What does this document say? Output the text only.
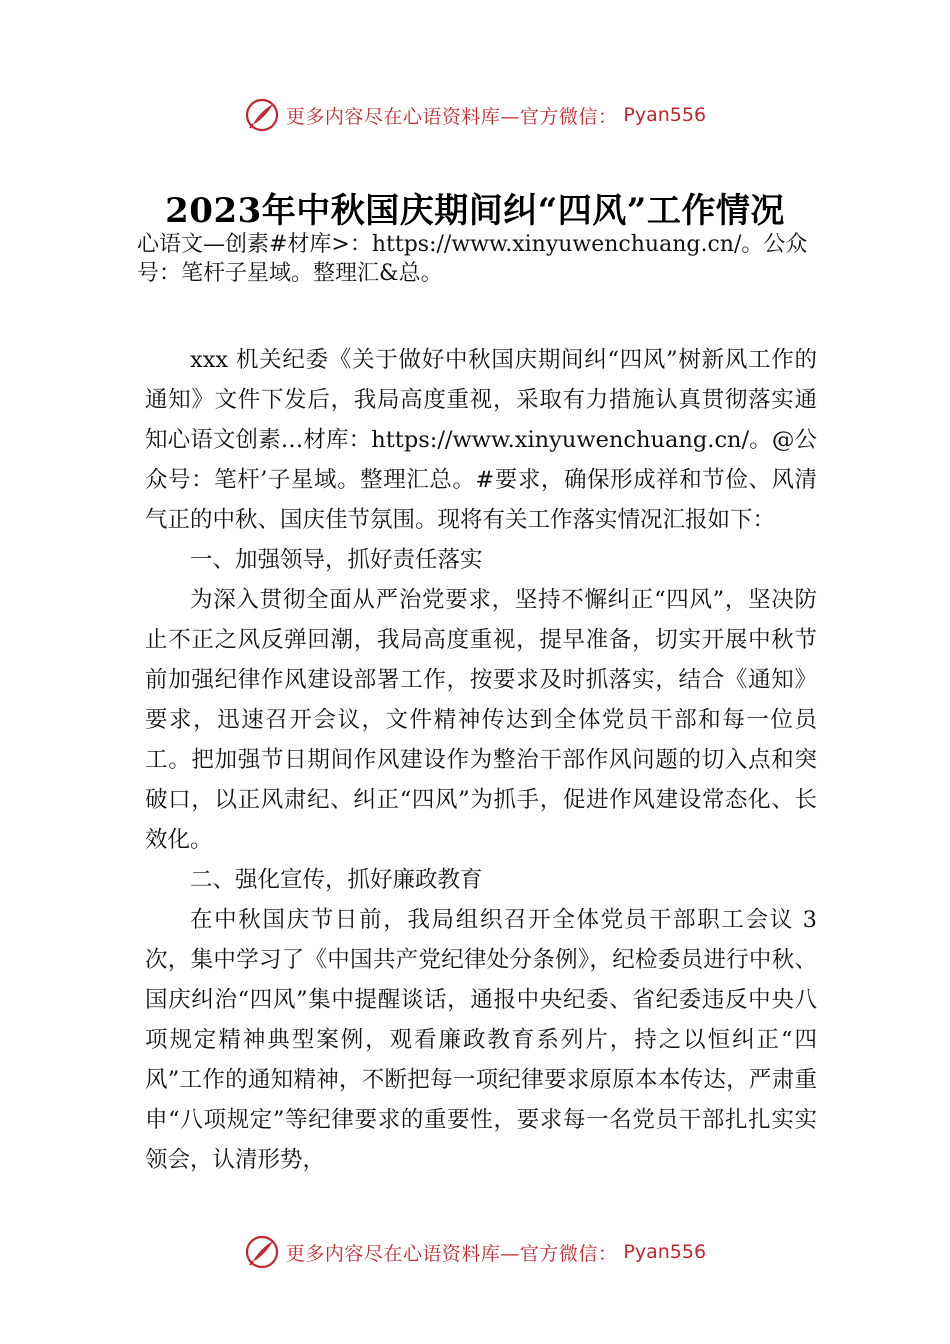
更多内容尽在心语资料库—官方微信： Pyan556
2023年中秋国庆期间纠“四风”工作情况

心语文—创素#材库>：https://www.xinyuwenchuang.cn/。公众号：笔杆子星域。整理汇&总。

xxx 机关纪委《关于做好中秋国庆期间纠“四风”树新风工作的通知》文件下发后，我局高度重视，采取有力措施认真贯彻落实通知心语文创素…材库：https://www.xinyuwenchuang.cn/。@公众号：笔杆’子星域。整理汇总。#要求，确保形成祥和节俭、风清气正的中秋、国庆佳节氛围。现将有关工作落实情况汇报如下：

一、加强领导，抓好责任落实

为深入贯彻全面从严治党要求，坚持不懈纠正“四风”，坚决防止不正之风反弹回潮，我局高度重视，提早准备，切实开展中秋节前加强纪律作风建设部署工作，按要求及时抓落实，结合《通知》要求，迅速召开会议，文件精神传达到全体党员干部和每一位员工。把加强节日期间作风建设作为整治干部作风问题的切入点和突破口，以正风肃纪、纠正“四风”为抓手，促进作风建设常态化、长效化。

二、强化宣传，抓好廉政教育

在中秋国庆节日前，我局组织召开全体党员干部职工会议 3 次，集中学习了《中国共产党纪律处分条例》，纪检委员进行中秋、国庆纠治“四风”集中提醒谈话，通报中央纪委、省纪委违反中央八项规定精神典型案例，观看廉政教育系列片，持之以恒纠正“四风”工作的通知精神，不断把每一项纪律要求原原本本传达，严肃重申“八项规定”等纪律要求的重要性，要求每一名党员干部扎扎实实领会，认清形势，

更多内容尽在心语资料库—官方微信： Pyan556
